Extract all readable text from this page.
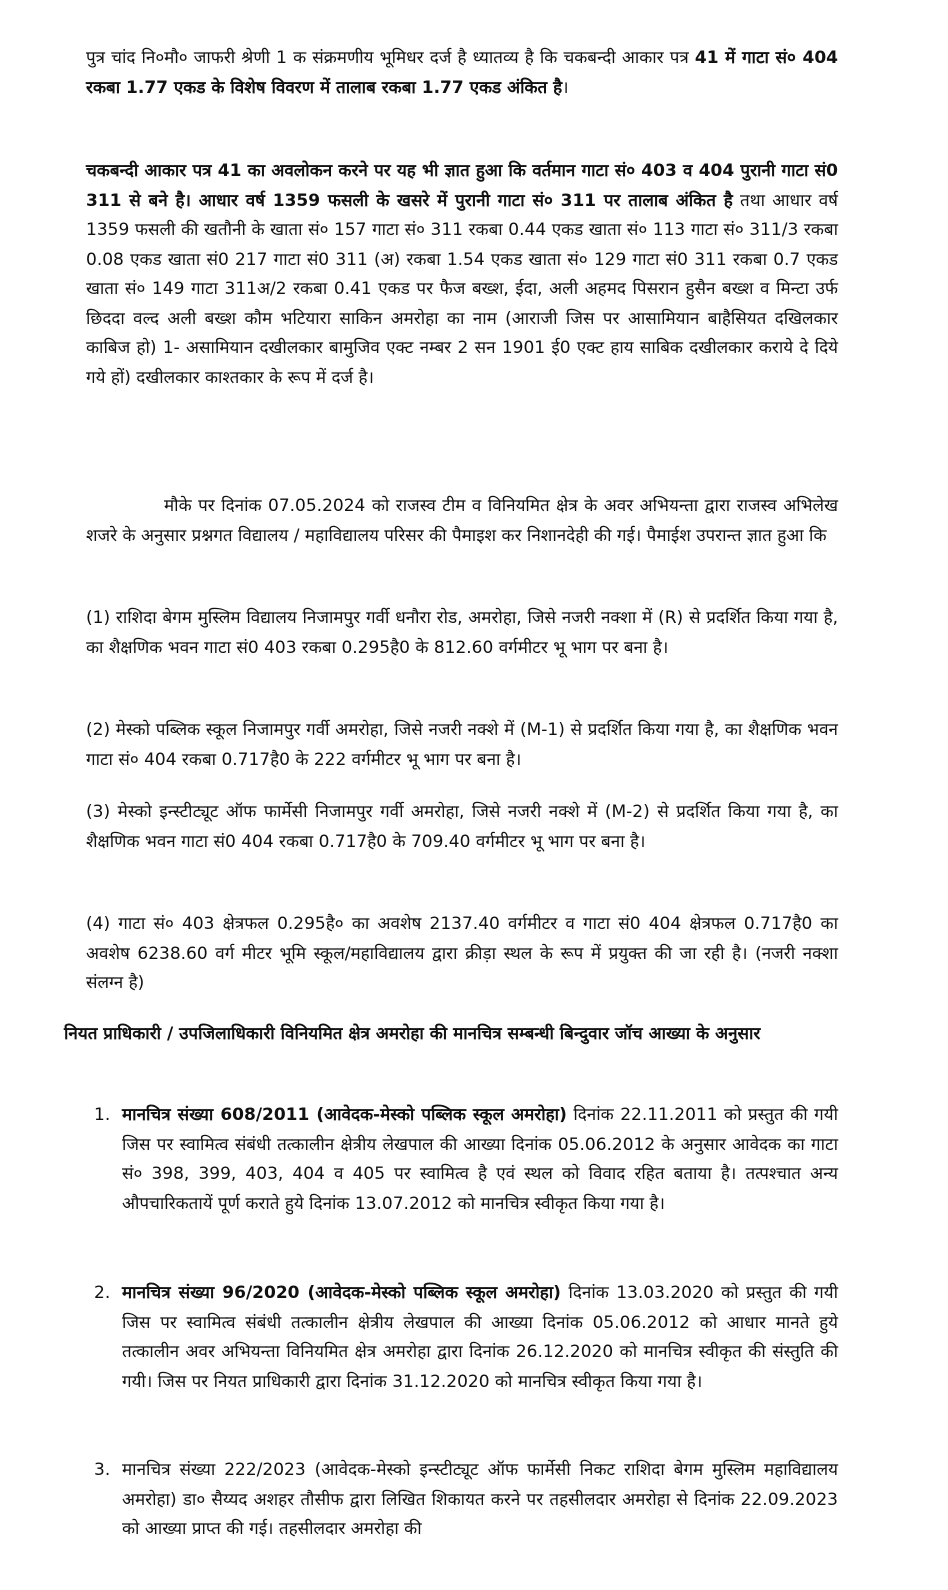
पुत्र चांद नि०मौ० जाफरी श्रेणी 1 क संक्रमणीय भूमिधर दर्ज है ध्यातव्य है कि चकबन्दी आकार पत्र 41 में गाटा सं० 404 रकबा 1.77 एकड के विशेष विवरण में तालाब रकबा 1.77 एकड अंकित है।

चकबन्दी आकार पत्र 41 का अवलोकन करने पर यह भी ज्ञात हुआ कि वर्तमान गाटा सं० 403 व 404 पुरानी गाटा सं0 311 से बने है। आधार वर्ष 1359 फसली के खसरे में पुरानी गाटा सं० 311 पर तालाब अंकित है तथा आधार वर्ष 1359 फसली की खतौनी के खाता सं० 157 गाटा सं० 311 रकबा 0.44 एकड खाता सं० 113 गाटा सं० 311/3 रकबा 0.08 एकड खाता सं0 217 गाटा सं0 311 (अ) रकबा 1.54 एकड खाता सं० 129 गाटा सं0 311 रकबा 0.7 एकड खाता सं० 149 गाटा 311अ/2 रकबा 0.41 एकड पर फैज बख्श, ईदा, अली अहमद पिसरान हुसैन बख्श व मिन्टा उर्फ छिददा वल्द अली बख्श कौम भटियारा साकिन अमरोहा का नाम (आराजी जिस पर आसामियान बाहैसियत दखिलकार काबिज हो) 1- असामियान दखीलकार बामुजिव एक्ट नम्बर 2 सन 1901 ई0 एक्ट हाय साबिक दखीलकार कराये दे दिये गये हों) दखीलकार काश्तकार के रूप में दर्ज है।

मौके पर दिनांक 07.05.2024 को राजस्व टीम व विनियमित क्षेत्र के अवर अभियन्ता द्वारा राजस्व अभिलेख शजरे के अनुसार प्रश्नगत विद्यालय / महाविद्यालय परिसर की पैमाइश कर निशानदेही की गई। पैमाईश उपरान्त ज्ञात हुआ कि

(1) राशिदा बेगम मुस्लिम विद्यालय निजामपुर गर्वी धनौरा रोड, अमरोहा, जिसे नजरी नक्शा में (R) से प्रदर्शित किया गया है, का शैक्षणिक भवन गाटा सं0 403 रकबा 0.295है0 के 812.60 वर्गमीटर भू भाग पर बना है।

(2) मेस्को पब्लिक स्कूल निजामपुर गर्वी अमरोहा, जिसे नजरी नक्शे में (M-1) से प्रदर्शित किया गया है, का शैक्षणिक भवन गाटा सं० 404 रकबा 0.717है0 के 222 वर्गमीटर भू भाग पर बना है।

(3) मेस्को इन्स्टीट्यूट ऑफ फार्मेसी निजामपुर गर्वी अमरोहा, जिसे नजरी नक्शे में (M-2) से प्रदर्शित किया गया है, का शैक्षणिक भवन गाटा सं0 404 रकबा 0.717है0 के 709.40 वर्गमीटर भू भाग पर बना है।

(4) गाटा सं० 403 क्षेत्रफल 0.295है० का अवशेष 2137.40 वर्गमीटर व गाटा सं0 404 क्षेत्रफल 0.717है0 का अवशेष 6238.60 वर्ग मीटर भूमि स्कूल/महाविद्यालय द्वारा क्रीड़ा स्थल के रूप में प्रयुक्त की जा रही है। (नजरी नक्शा संलग्न है)

नियत प्राधिकारी / उपजिलाधिकारी विनियमित क्षेत्र अमरोहा की मानचित्र सम्बन्धी बिन्दुवार जॉच आख्या के अनुसार
1. मानचित्र संख्या 608/2011 (आवेदक-मेस्को पब्लिक स्कूल अमरोहा) दिनांक 22.11.2011 को प्रस्तुत की गयी जिस पर स्वामित्व संबंधी तत्कालीन क्षेत्रीय लेखपाल की आख्या दिनांक 05.06.2012 के अनुसार आवेदक का गाटा सं० 398, 399, 403, 404 व 405 पर स्वामित्व है एवं स्थल को विवाद रहित बताया है। तत्पश्चात अन्य औपचारिकतायें पूर्ण कराते हुये दिनांक 13.07.2012 को मानचित्र स्वीकृत किया गया है।
2. मानचित्र संख्या 96/2020 (आवेदक-मेस्को पब्लिक स्कूल अमरोहा) दिनांक 13.03.2020 को प्रस्तुत की गयी जिस पर स्वामित्व संबंधी तत्कालीन क्षेत्रीय लेखपाल की आख्या दिनांक 05.06.2012 को आधार मानते हुये तत्कालीन अवर अभियन्ता विनियमित क्षेत्र अमरोहा द्वारा दिनांक 26.12.2020 को मानचित्र स्वीकृत की संस्तुति की गयी। जिस पर नियत प्राधिकारी द्वारा दिनांक 31.12.2020 को मानचित्र स्वीकृत किया गया है।
3. मानचित्र संख्या 222/2023 (आवेदक-मेस्को इन्स्टीट्यूट ऑफ फार्मेसी निकट राशिदा बेगम मुस्लिम महाविद्यालय अमरोहा) डा० सैय्यद अशहर तौसीफ द्वारा लिखित शिकायत करने पर तहसीलदार अमरोहा से दिनांक 22.09.2023 को आख्या प्राप्त की गई। तहसीलदार अमरोहा की
